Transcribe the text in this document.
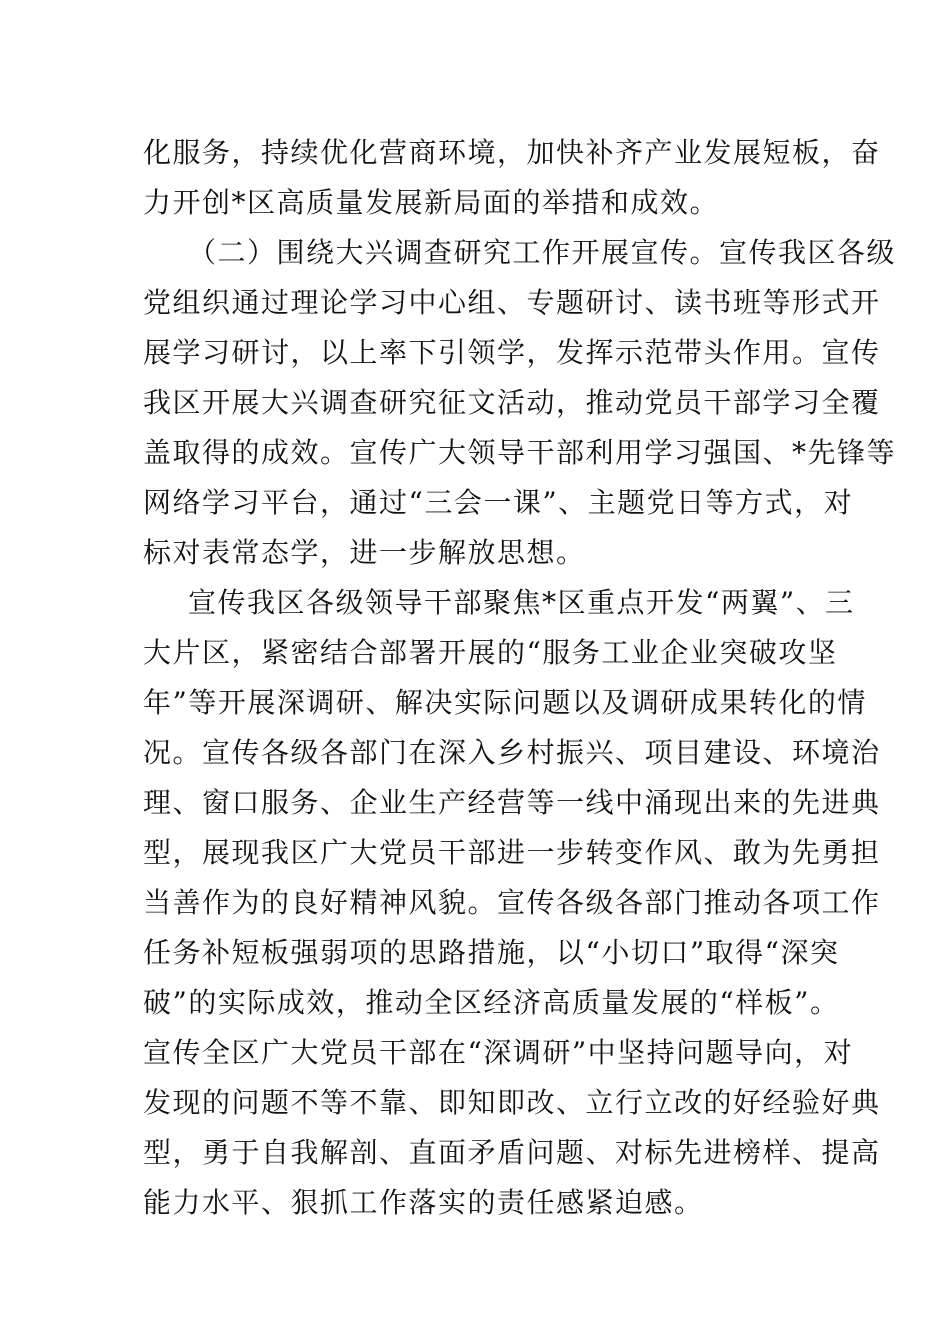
化服务，持续优化营商环境，加快补齐产业发展短板，奋
力开创*区高质量发展新局面的举措和成效。
（二）围绕大兴调查研究工作开展宣传。宣传我区各级
党组织通过理论学习中心组、专题研讨、读书班等形式开
展学习研讨，以上率下引领学，发挥示范带头作用。宣传
我区开展大兴调查研究征文活动，推动党员干部学习全覆
盖取得的成效。宣传广大领导干部利用学习强国、*先锋等
网络学习平台，通过“三会一课”、主题党日等方式，对
标对表常态学，进一步解放思想。
宣传我区各级领导干部聚焦*区重点开发“两翼”、三
大片区，紧密结合部署开展的“服务工业企业突破攻坚
年”等开展深调研、解决实际问题以及调研成果转化的情
况。宣传各级各部门在深入乡村振兴、项目建设、环境治
理、窗口服务、企业生产经营等一线中涌现出来的先进典
型，展现我区广大党员干部进一步转变作风、敢为先勇担
当善作为的良好精神风貌。宣传各级各部门推动各项工作
任务补短板强弱项的思路措施，以“小切口”取得“深突
破”的实际成效，推动全区经济高质量发展的“样板”。
宣传全区广大党员干部在“深调研”中坚持问题导向，对
发现的问题不等不靠、即知即改、立行立改的好经验好典
型，勇于自我解剖、直面矛盾问题、对标先进榜样、提高
能力水平、狠抓工作落实的责任感紧迫感。
